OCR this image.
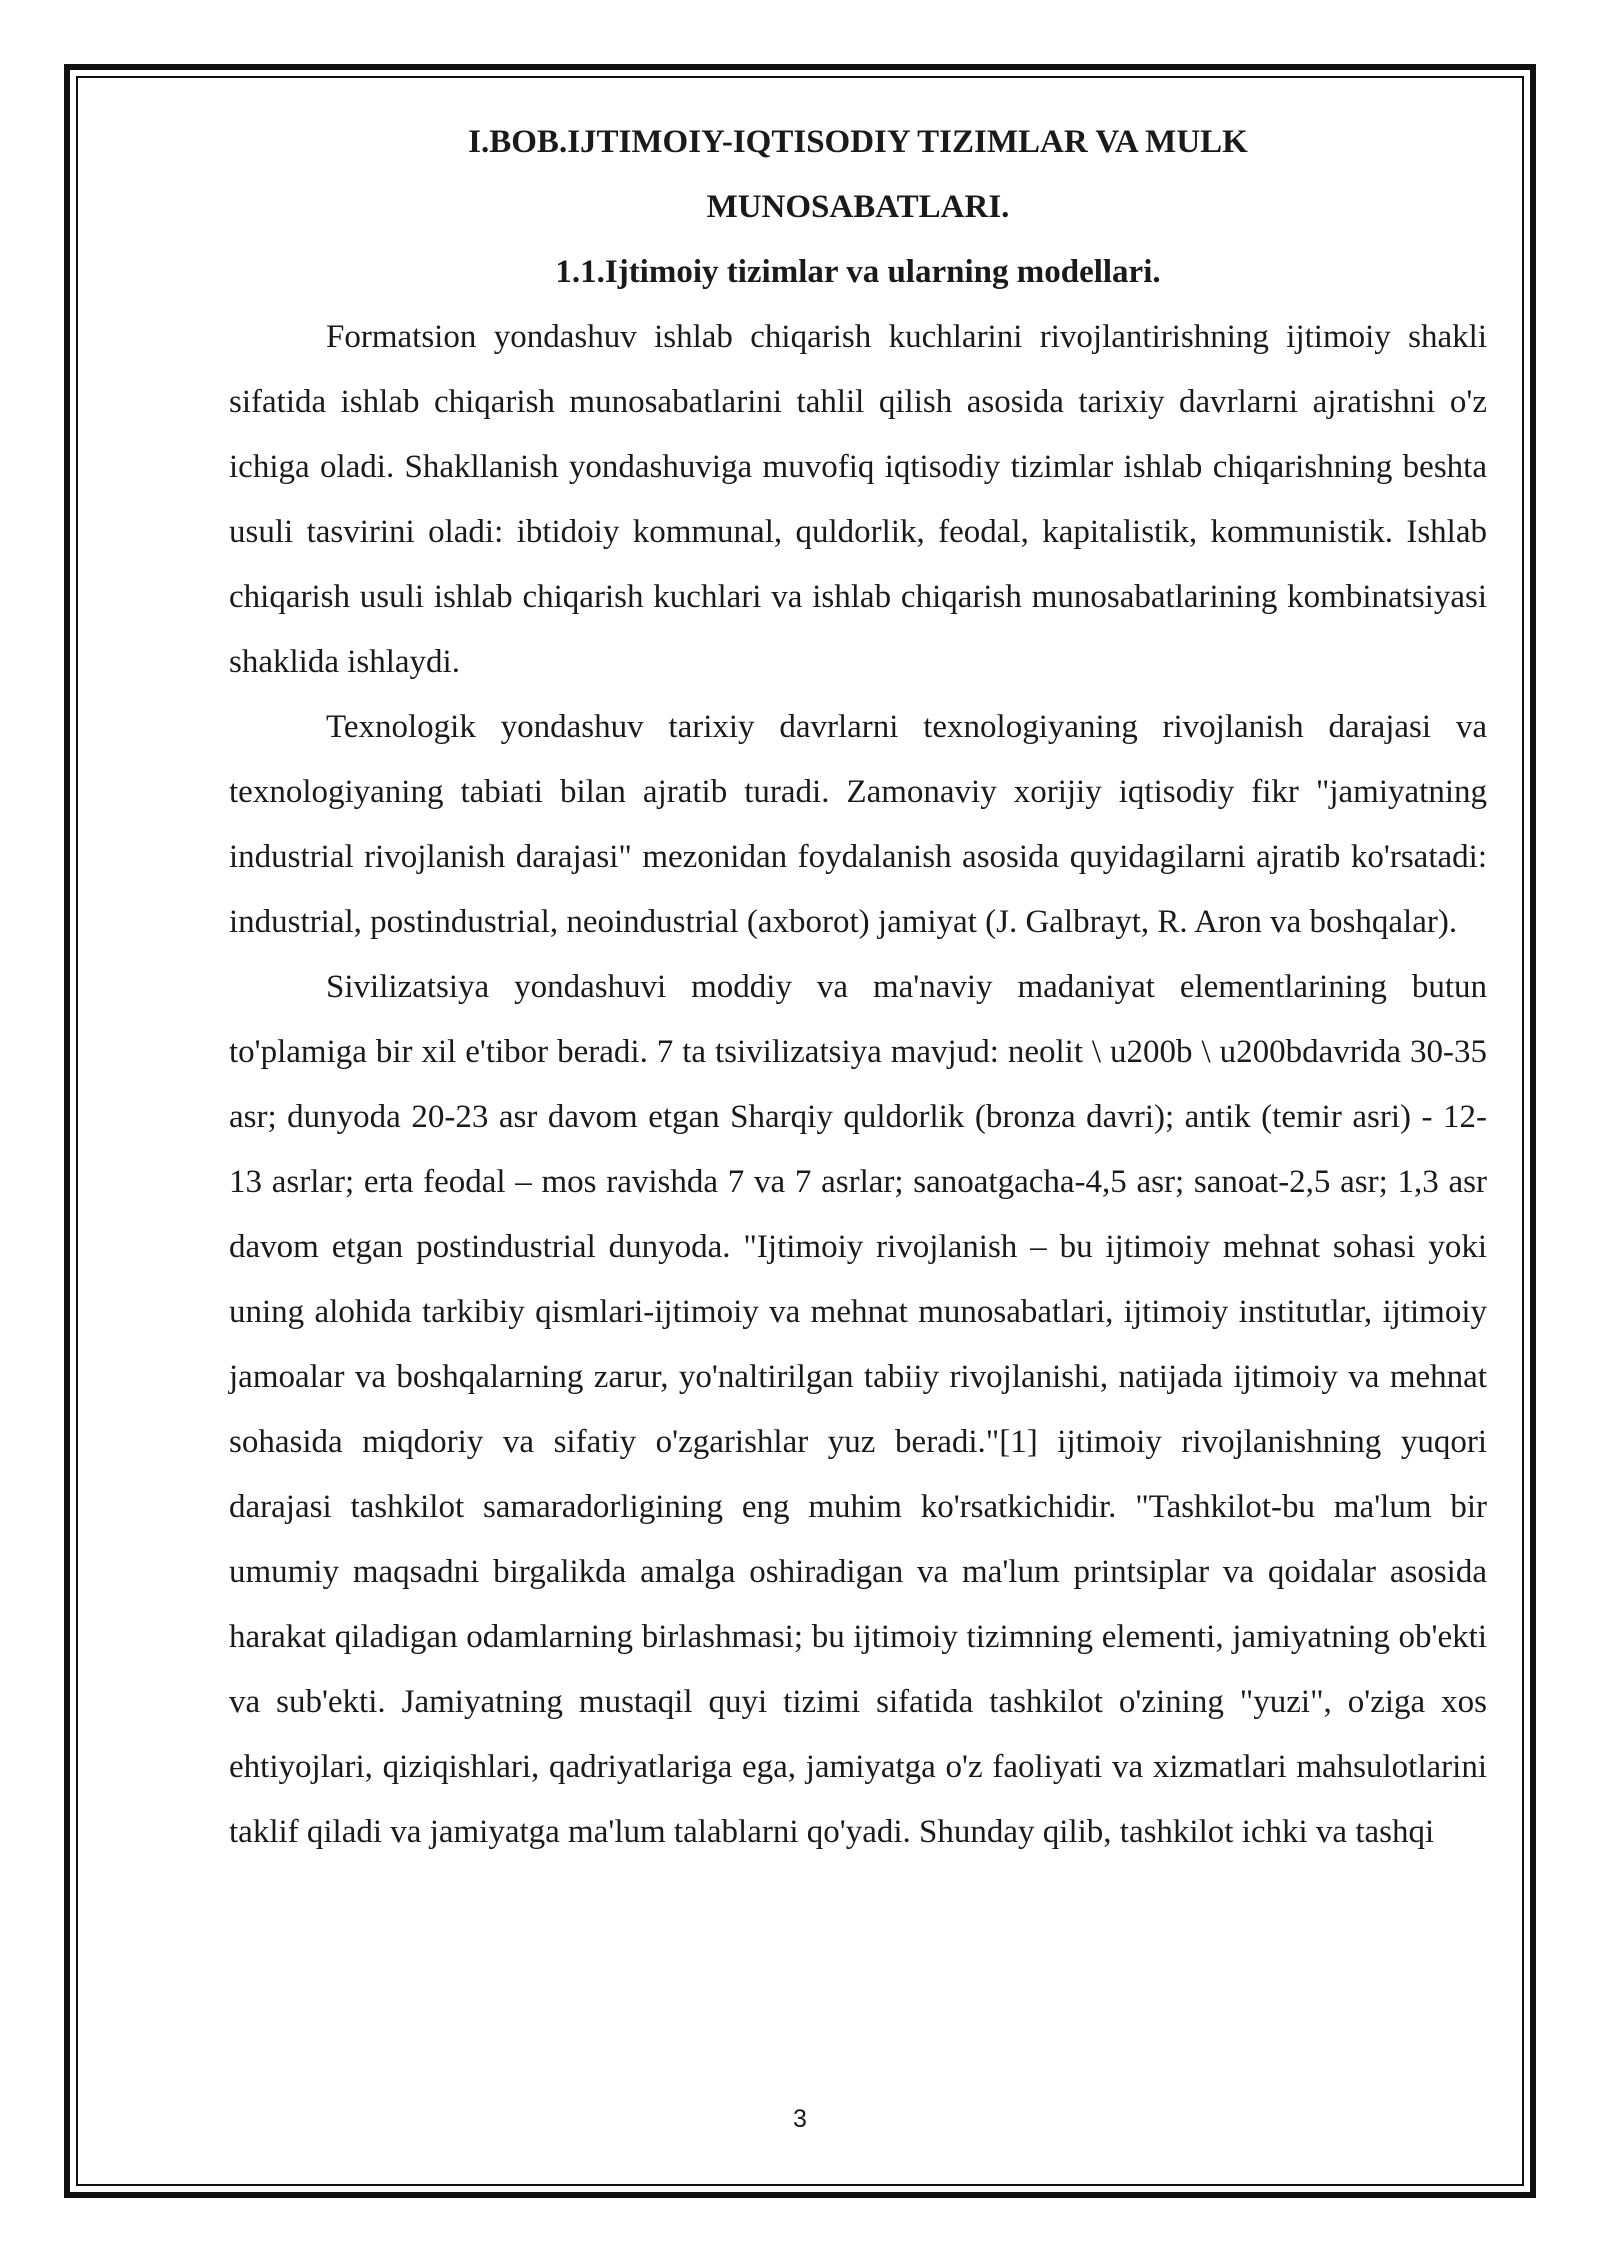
I.BOB.IJTIMOIY-IQTISODIY TIZIMLAR VA MULK

MUNOSABATLARI.

1.1.Ijtimoiy tizimlar va ularning modellari.

Formatsion yondashuv ishlab chiqarish kuchlarini rivojlantirishning ijtimoiy shakli sifatida ishlab chiqarish munosabatlarini tahlil qilish asosida tarixiy davrlarni ajratishni o'z ichiga oladi. Shakllanish yondashuviga muvofiq iqtisodiy tizimlar ishlab chiqarishning beshta usuli tasvirini oladi: ibtidoiy kommunal, quldorlik, feodal, kapitalistik, kommunistik. Ishlab chiqarish usuli ishlab chiqarish kuchlari va ishlab chiqarish munosabatlarining kombinatsiyasi shaklida ishlaydi.

Texnologik yondashuv tarixiy davrlarni texnologiyaning rivojlanish darajasi va texnologiyaning tabiati bilan ajratib turadi. Zamonaviy xorijiy iqtisodiy fikr "jamiyatning industrial rivojlanish darajasi" mezonidan foydalanish asosida quyidagilarni ajratib ko'rsatadi: industrial, postindustrial, neoindustrial (axborot) jamiyat (J. Galbrayt, R. Aron va boshqalar).

Sivilizatsiya yondashuvi moddiy va ma'naviy madaniyat elementlarining butun to'plamiga bir xil e'tibor beradi. 7 ta tsivilizatsiya mavjud: neolit \ u200b \ u200bdavrida 30-35 asr; dunyoda 20-23 asr davom etgan Sharqiy quldorlik (bronza davri); antik (temir asri) - 12-13 asrlar; erta feodal – mos ravishda 7 va 7 asrlar; sanoatgacha-4,5 asr; sanoat-2,5 asr; 1,3 asr davom etgan postindustrial dunyoda. "Ijtimoiy rivojlanish – bu ijtimoiy mehnat sohasi yoki uning alohida tarkibiy qismlari-ijtimoiy va mehnat munosabatlari, ijtimoiy institutlar, ijtimoiy jamoalar va boshqalarning zarur, yo'naltirilgan tabiiy rivojlanishi, natijada ijtimoiy va mehnat sohasida miqdoriy va sifatiy o'zgarishlar yuz beradi."[1] ijtimoiy rivojlanishning yuqori darajasi tashkilot samaradorligining eng muhim ko'rsatkichidir. "Tashkilot-bu ma'lum bir umumiy maqsadni birgalikda amalga oshiradigan va ma'lum printsiplar va qoidalar asosida harakat qiladigan odamlarning birlashmasi; bu ijtimoiy tizimning elementi, jamiyatning ob'ekti va sub'ekti. Jamiyatning mustaqil quyi tizimi sifatida tashkilot o'zining "yuzi", o'ziga xos ehtiyojlari, qiziqishlari, qadriyatlariga ega, jamiyatga o'z faoliyati va xizmatlari mahsulotlarini taklif qiladi va jamiyatga ma'lum talablarni qo'yadi. Shunday qilib, tashkilot ichki va tashqi

3
